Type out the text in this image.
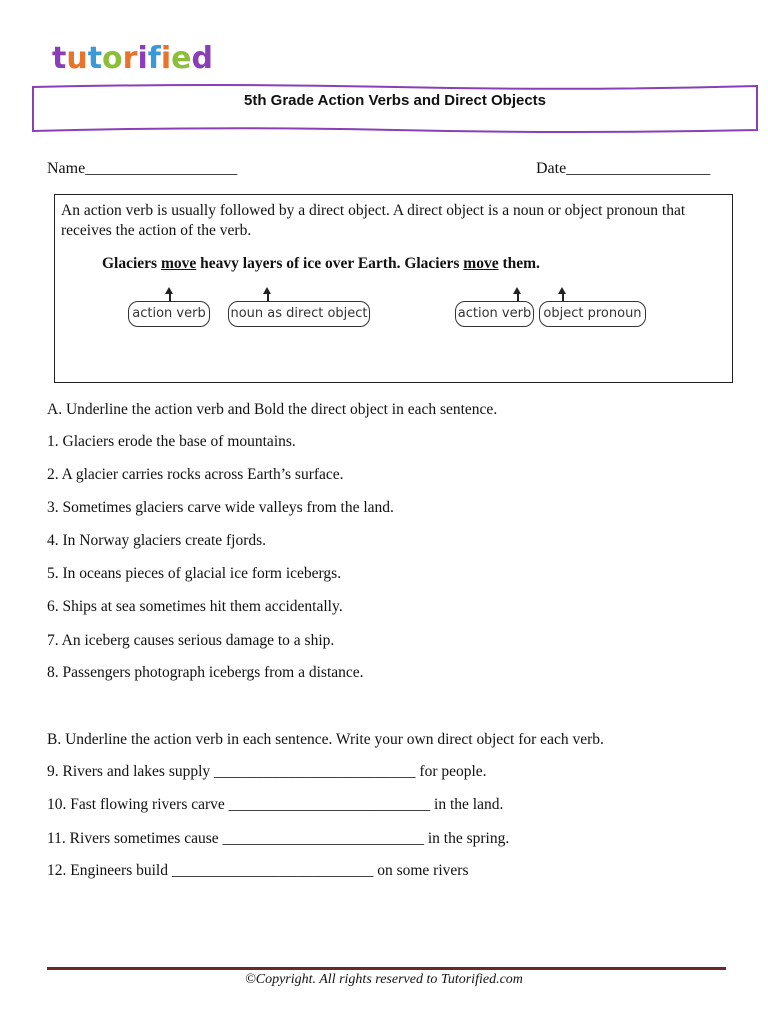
tutorified
5th Grade Action Verbs and Direct Objects
Name___________________	Date__________________
An action verb is usually followed by a direct object. A direct object is a noun or object pronoun that receives the action of the verb.
Glaciers move heavy layers of ice over Earth. Glaciers move them.
action verb	noun as direct object	action verb object pronoun
A. Underline the action verb and Bold the direct object in each sentence.
1. Glaciers erode the base of mountains.
2. A glacier carries rocks across Earth’s surface.
3. Sometimes glaciers carve wide valleys from the land.
4. In Norway glaciers create fjords.
5. In oceans pieces of glacial ice form icebergs.
6. Ships at sea sometimes hit them accidentally.
7. An iceberg causes serious damage to a ship.
8. Passengers photograph icebergs from a distance.
B. Underline the action verb in each sentence. Write your own direct object for each verb.
9. Rivers and lakes supply __________________________ for people.
10. Fast flowing rivers carve __________________________ in the land.
11. Rivers sometimes cause __________________________ in the spring.
12. Engineers build __________________________ on some rivers
©Copyright. All rights reserved to Tutorified.com
